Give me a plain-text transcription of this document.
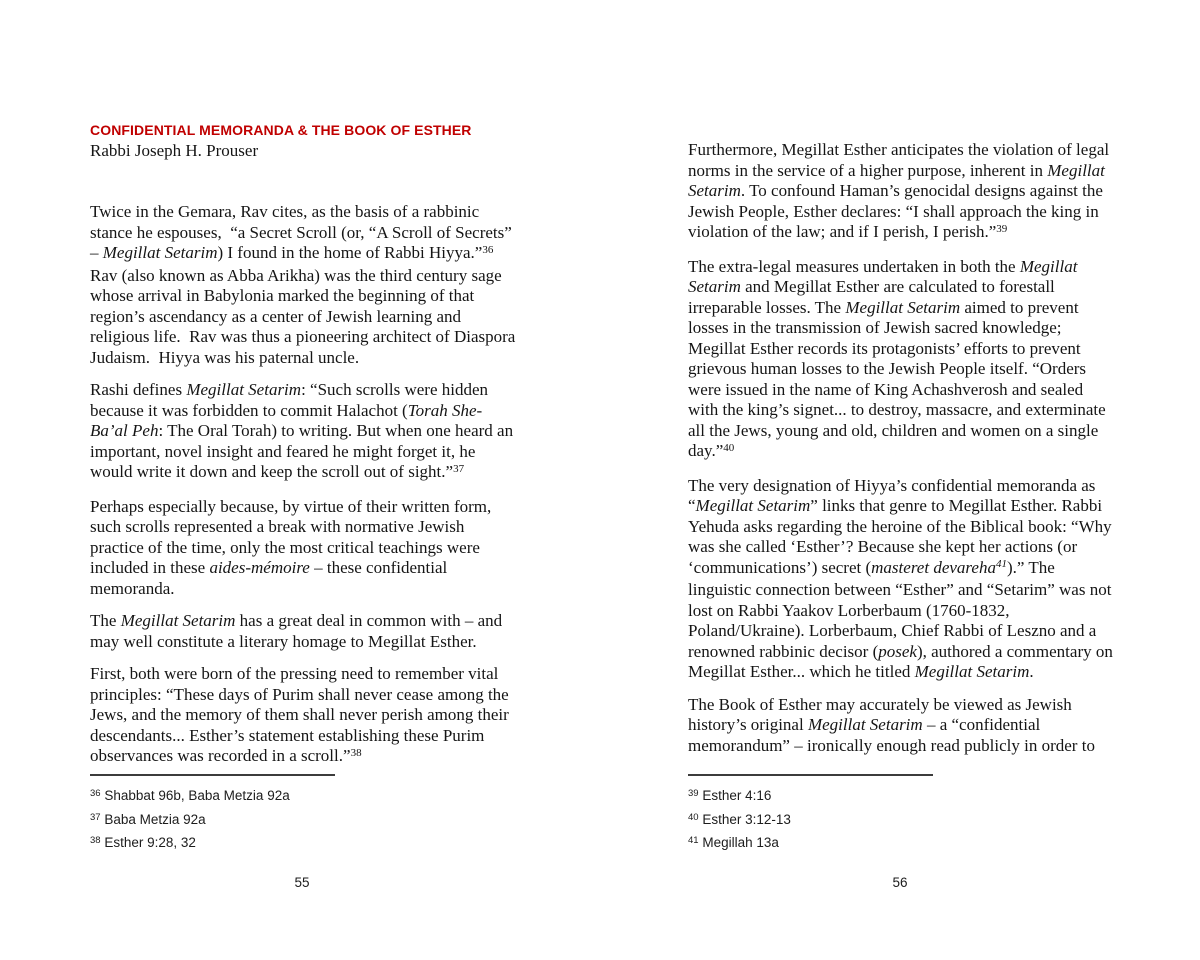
CONFIDENTIAL MEMORANDA & THE BOOK OF ESTHER
Rabbi Joseph H. Prouser
Twice in the Gemara, Rav cites, as the basis of a rabbinic
stance he espouses,  “a Secret Scroll (or, “A Scroll of Secrets”
– Megillat Setarim) I found in the home of Rabbi Hiyya.”$^{36}$
Rav (also known as Abba Arikha) was the third century sage
whose arrival in Babylonia marked the beginning of that
region’s ascendancy as a center of Jewish learning and
religious life.  Rav was thus a pioneering architect of Diaspora
Judaism.  Hiyya was his paternal uncle.
Rashi defines Megillat Setarim: “Such scrolls were hidden
because it was forbidden to commit Halachot (Torah She-
Ba’al Peh: The Oral Torah) to writing. But when one heard an
important, novel insight and feared he might forget it, he
would write it down and keep the scroll out of sight.”$^{37}$
Perhaps especially because, by virtue of their written form,
such scrolls represented a break with normative Jewish
practice of the time, only the most critical teachings were
included in these aides-mémoire – these confidential
memoranda.
The Megillat Setarim has a great deal in common with – and
may well constitute a literary homage to Megillat Esther.
First, both were born of the pressing need to remember vital
principles: “These days of Purim shall never cease among the
Jews, and the memory of them shall never perish among their
descendants... Esther’s statement establishing these Purim
observances was recorded in a scroll.”$^{38}$
$^{36}$ Shabbat 96b, Baba Metzia 92a
$^{37}$ Baba Metzia 92a
$^{38}$ Esther 9:28, 32
55
Furthermore, Megillat Esther anticipates the violation of legal
norms in the service of a higher purpose, inherent in Megillat
Setarim. To confound Haman’s genocidal designs against the
Jewish People, Esther declares: “I shall approach the king in
violation of the law; and if I perish, I perish.”$^{39}$
The extra-legal measures undertaken in both the Megillat
Setarim and Megillat Esther are calculated to forestall
irreparable losses. The Megillat Setarim aimed to prevent
losses in the transmission of Jewish sacred knowledge;
Megillat Esther records its protagonists’ efforts to prevent
grievous human losses to the Jewish People itself. “Orders
were issued in the name of King Achashverosh and sealed
with the king’s signet... to destroy, massacre, and exterminate
all the Jews, young and old, children and women on a single
day.”$^{40}$
The very designation of Hiyya’s confidential memoranda as
“Megillat Setarim” links that genre to Megillat Esther. Rabbi
Yehuda asks regarding the heroine of the Biblical book: “Why
was she called ‘Esther’? Because she kept her actions (or
‘communications’) secret (masteret devareha$^{41}$).” The
linguistic connection between “Esther” and “Setarim” was not
lost on Rabbi Yaakov Lorberbaum (1760-1832,
Poland/Ukraine). Lorberbaum, Chief Rabbi of Leszno and a
renowned rabbinic decisor (posek), authored a commentary on
Megillat Esther... which he titled Megillat Setarim.
The Book of Esther may accurately be viewed as Jewish
history’s original Megillat Setarim – a “confidential
memorandum” – ironically enough read publicly in order to
$^{39}$ Esther 4:16
$^{40}$ Esther 3:12-13
$^{41}$ Megillah 13a
56
